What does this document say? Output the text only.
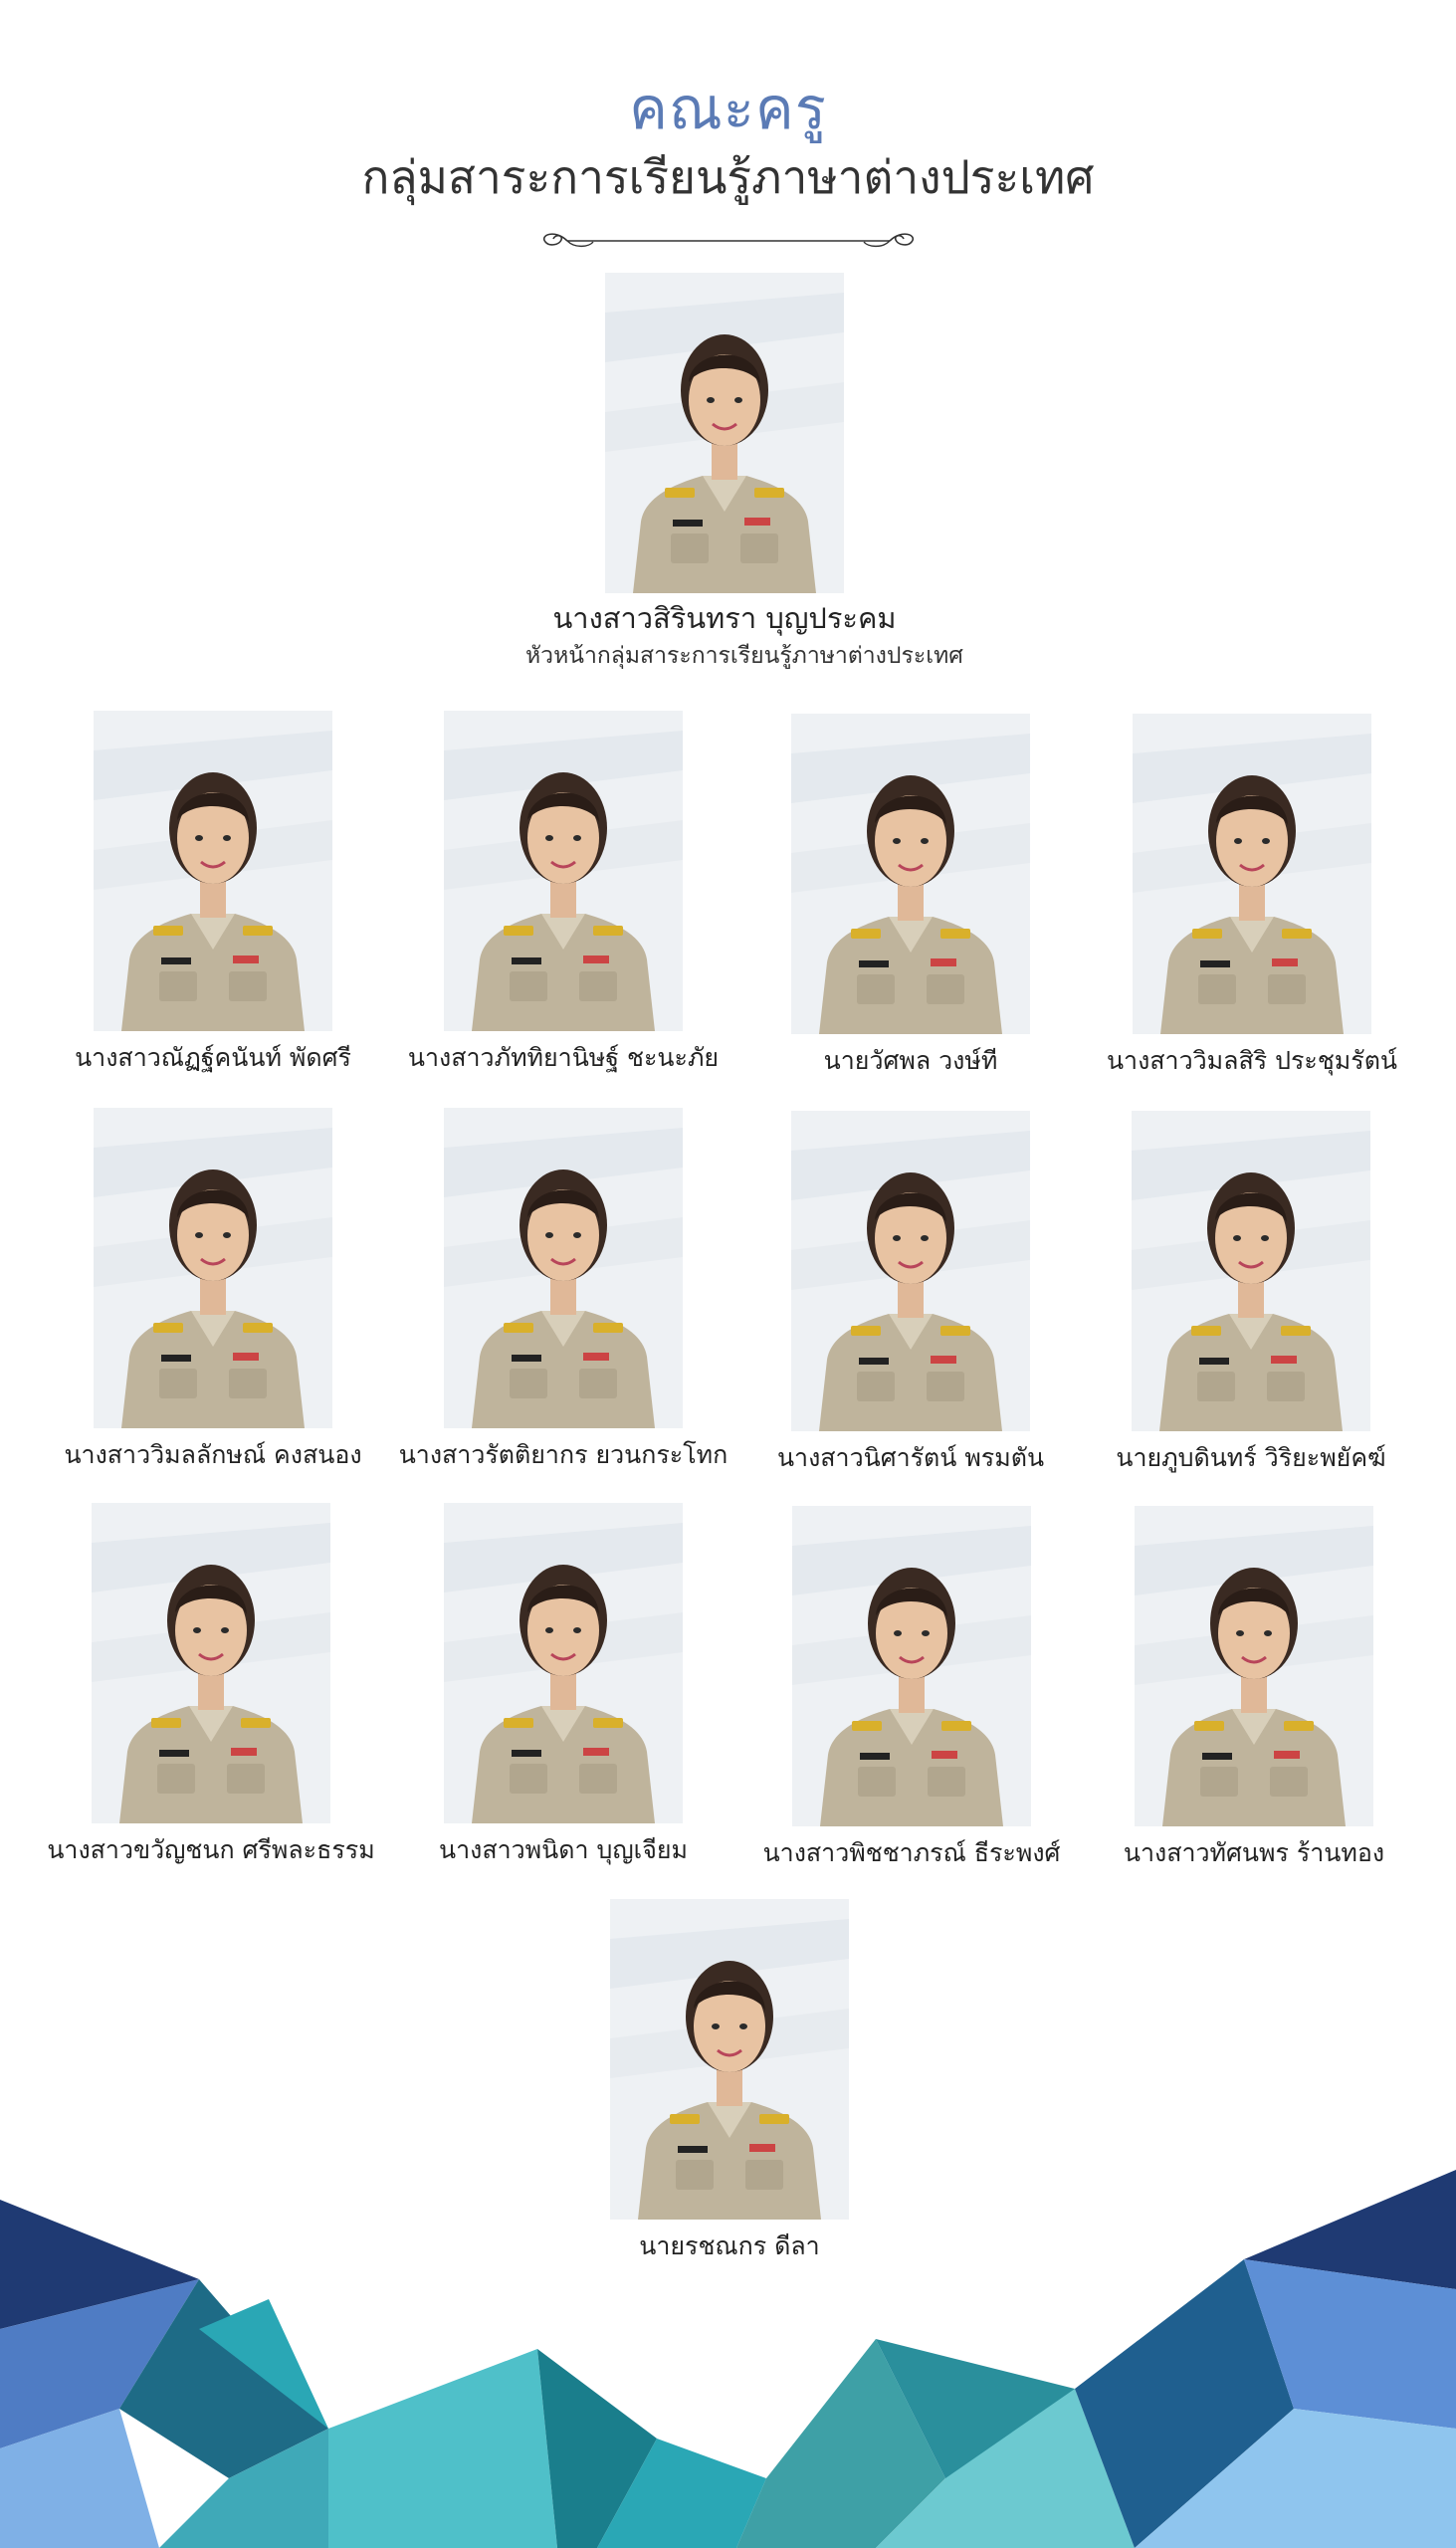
คณะครู
กลุ่มสาระการเรียนรู้ภาษาต่างประเทศ
นางสาวสิรินทรา บุญประคม
หัวหน้ากลุ่มสาระการเรียนรู้ภาษาต่างประเทศ
นางสาวณัฏฐ์คนันท์ พัดศรี	นางสาวภัททิยานิษฐ์ ชะนะภัย	นายวัศพล วงษ์ที	นางสาววิมลสิริ ประชุมรัตน์
นางสาววิมลลักษณ์ คงสนอง	นางสาวรัตติยากร ยวนกระโทก	นางสาวนิศารัตน์ พรมตัน	นายภูบดินทร์ วิริยะพยัคฆ์
นางสาวขวัญชนก ศรีพละธรรม	นางสาวพนิดา บุญเจียม	นางสาวพิชชาภรณ์ ธีระพงศ์	นางสาวทัศนพร ร้านทอง
นายรชณกร ดีลา
